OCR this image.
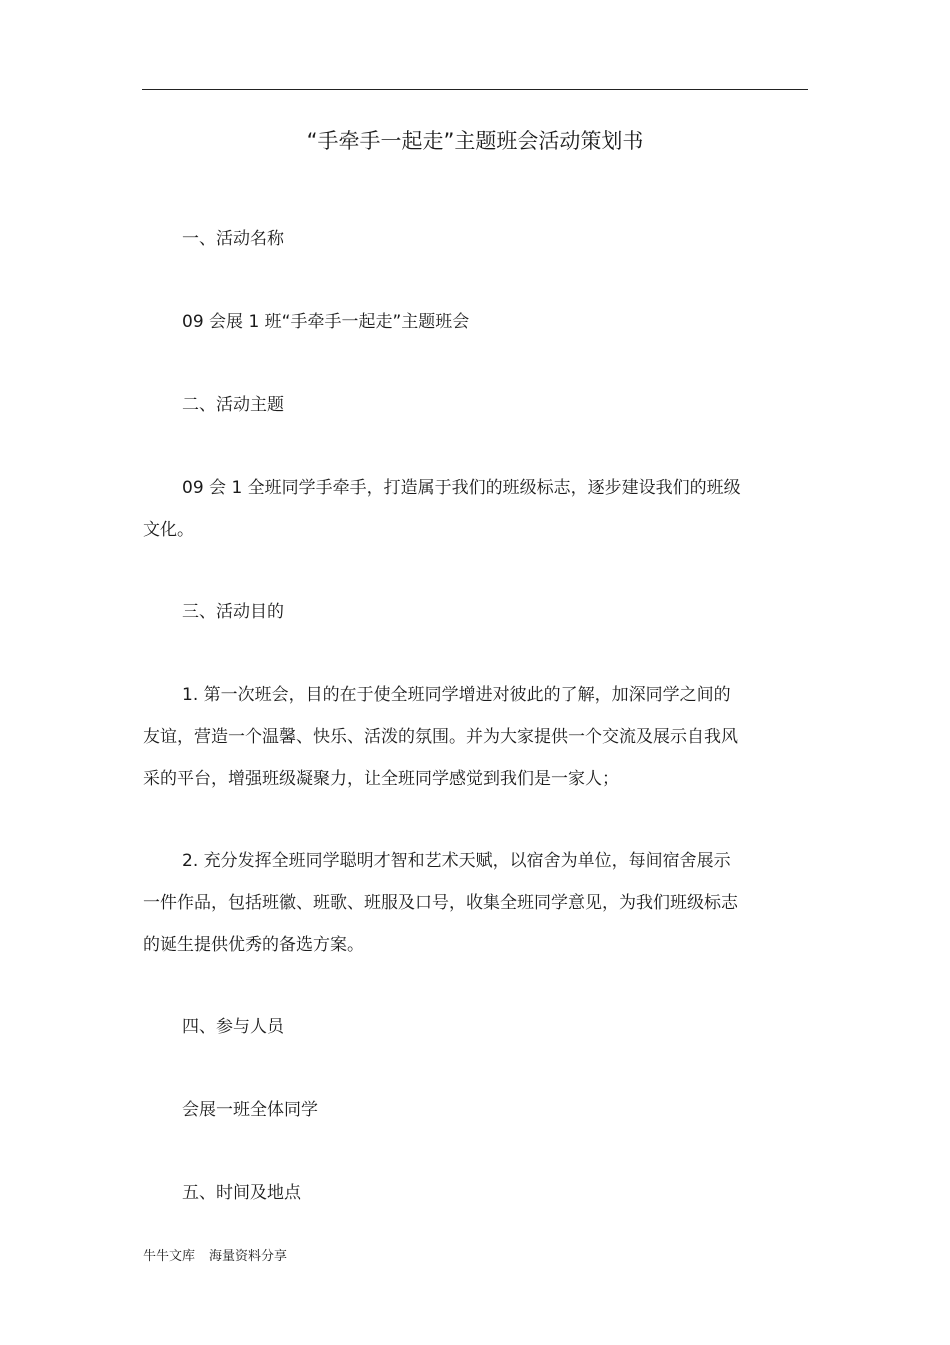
“手牵手一起走”主题班会活动策划书
一、活动名称
09 会展 1 班“手牵手一起走”主题班会
二、活动主题
09 会 1 全班同学手牵手，打造属于我们的班级标志，逐步建设我们的班级
文化。
三、活动目的
1. 第一次班会，目的在于使全班同学增进对彼此的了解，加深同学之间的
友谊，营造一个温馨、快乐、活泼的氛围。并为大家提供一个交流及展示自我风
采的平台，增强班级凝聚力，让全班同学感觉到我们是一家人；
2. 充分发挥全班同学聪明才智和艺术天赋，以宿舍为单位，每间宿舍展示
一件作品，包括班徽、班歌、班服及口号，收集全班同学意见，为我们班级标志
的诞生提供优秀的备选方案。
四、参与人员
会展一班全体同学
五、时间及地点
牛牛文库 海量资料分享
